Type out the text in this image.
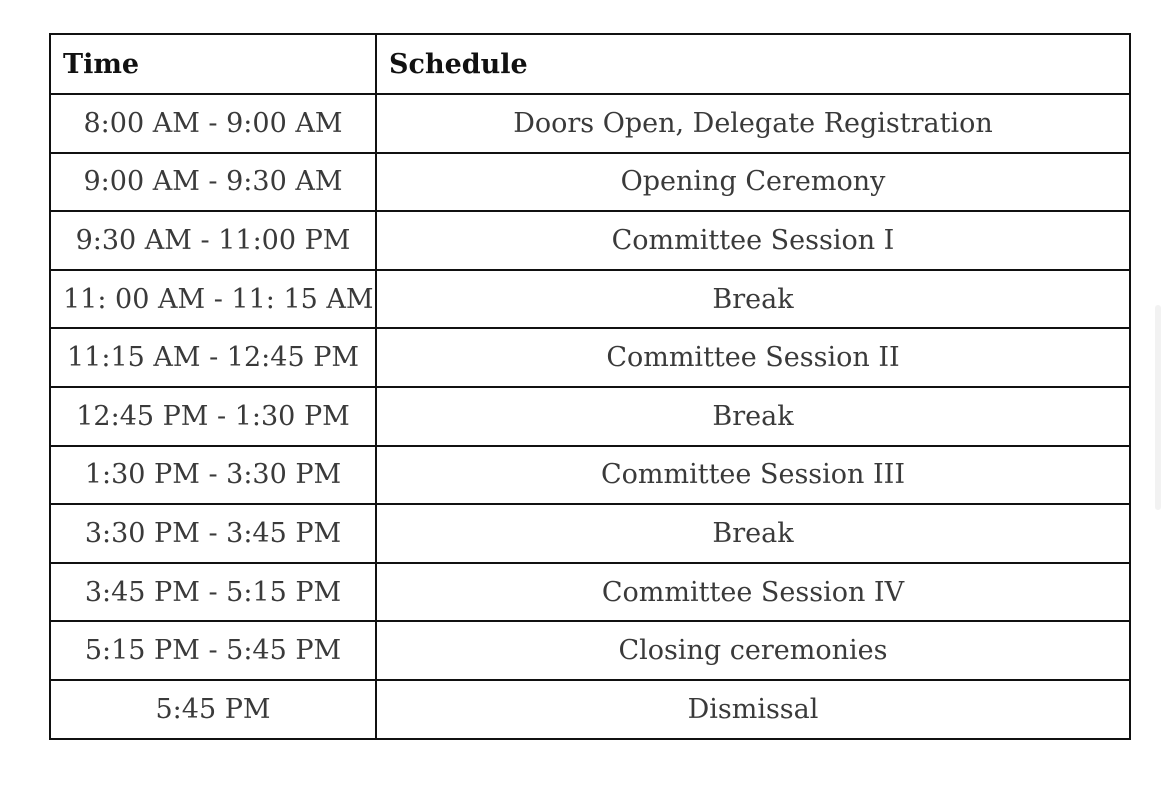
Time	Schedule
8:00 AM - 9:00 AM	Doors Open, Delegate Registration
9:00 AM - 9:30 AM	Opening Ceremony
9:30 AM - 11:00 PM	Committee Session I
11: 00 AM - 11: 15 AM	Break
11:15 AM - 12:45 PM	Committee Session II
12:45 PM - 1:30 PM	Break
1:30 PM - 3:30 PM	Committee Session III
3:30 PM - 3:45 PM	Break
3:45 PM - 5:15 PM	Committee Session IV
5:15 PM - 5:45 PM	Closing ceremonies
5:45 PM	Dismissal
